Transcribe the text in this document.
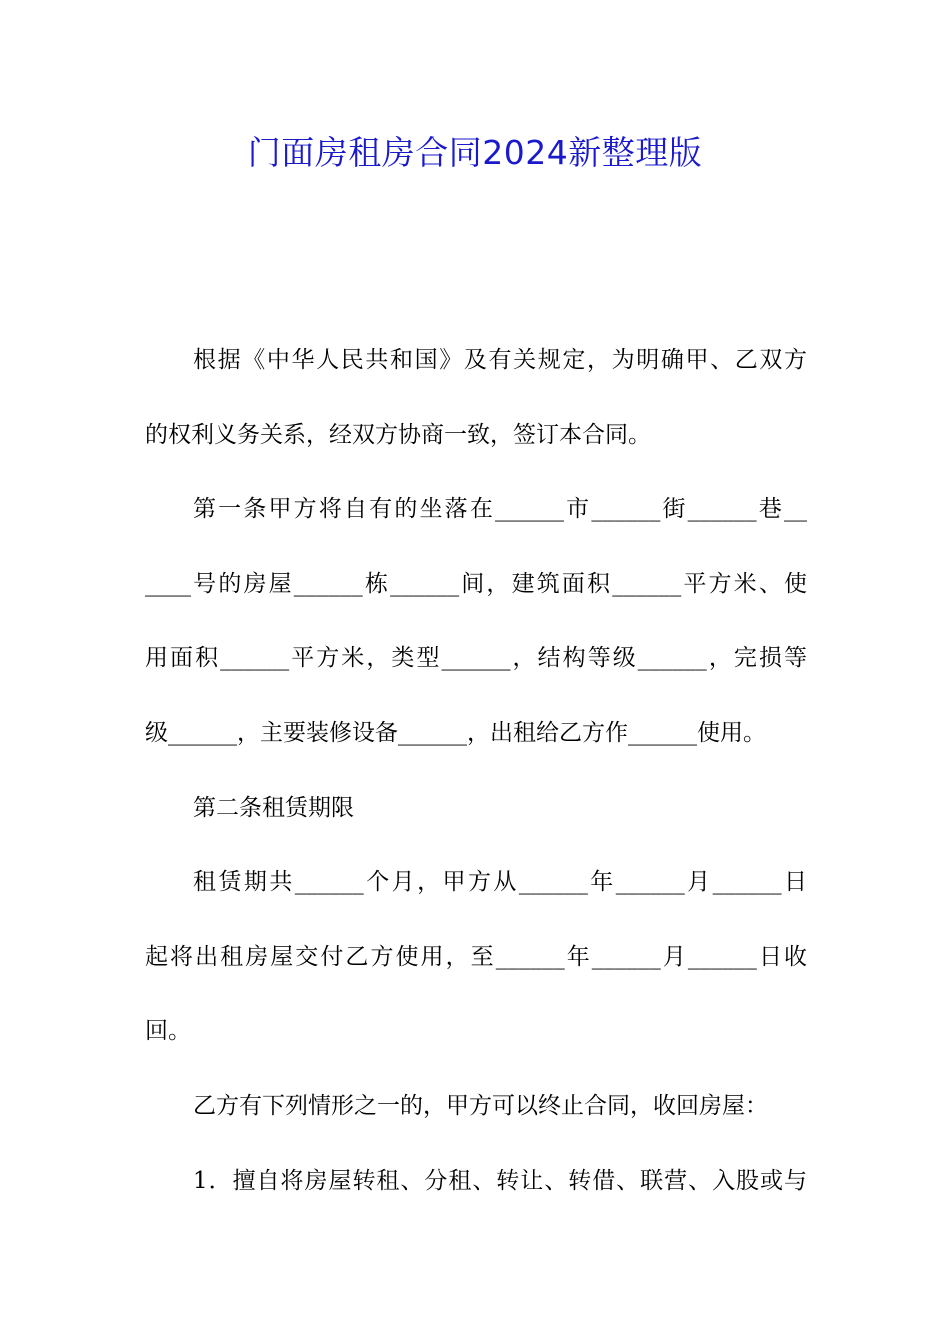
门面房租房合同2024新整理版
根据《中华人民共和国》及有关规定，为明确甲、乙双方
的权利义务关系，经双方协商一致，签订本合同。
第一条甲方将自有的坐落在______市______街______巷__
____号的房屋______栋______间，建筑面积______平方米、使
用面积______平方米，类型______，结构等级______，完损等
级______，主要装修设备______，出租给乙方作______使用。
第二条租赁期限
租赁期共______个月，甲方从______年______月______日
起将出租房屋交付乙方使用，至______年______月______日收
回。
乙方有下列情形之一的，甲方可以终止合同，收回房屋：
1．擅自将房屋转租、分租、转让、转借、联营、入股或与
